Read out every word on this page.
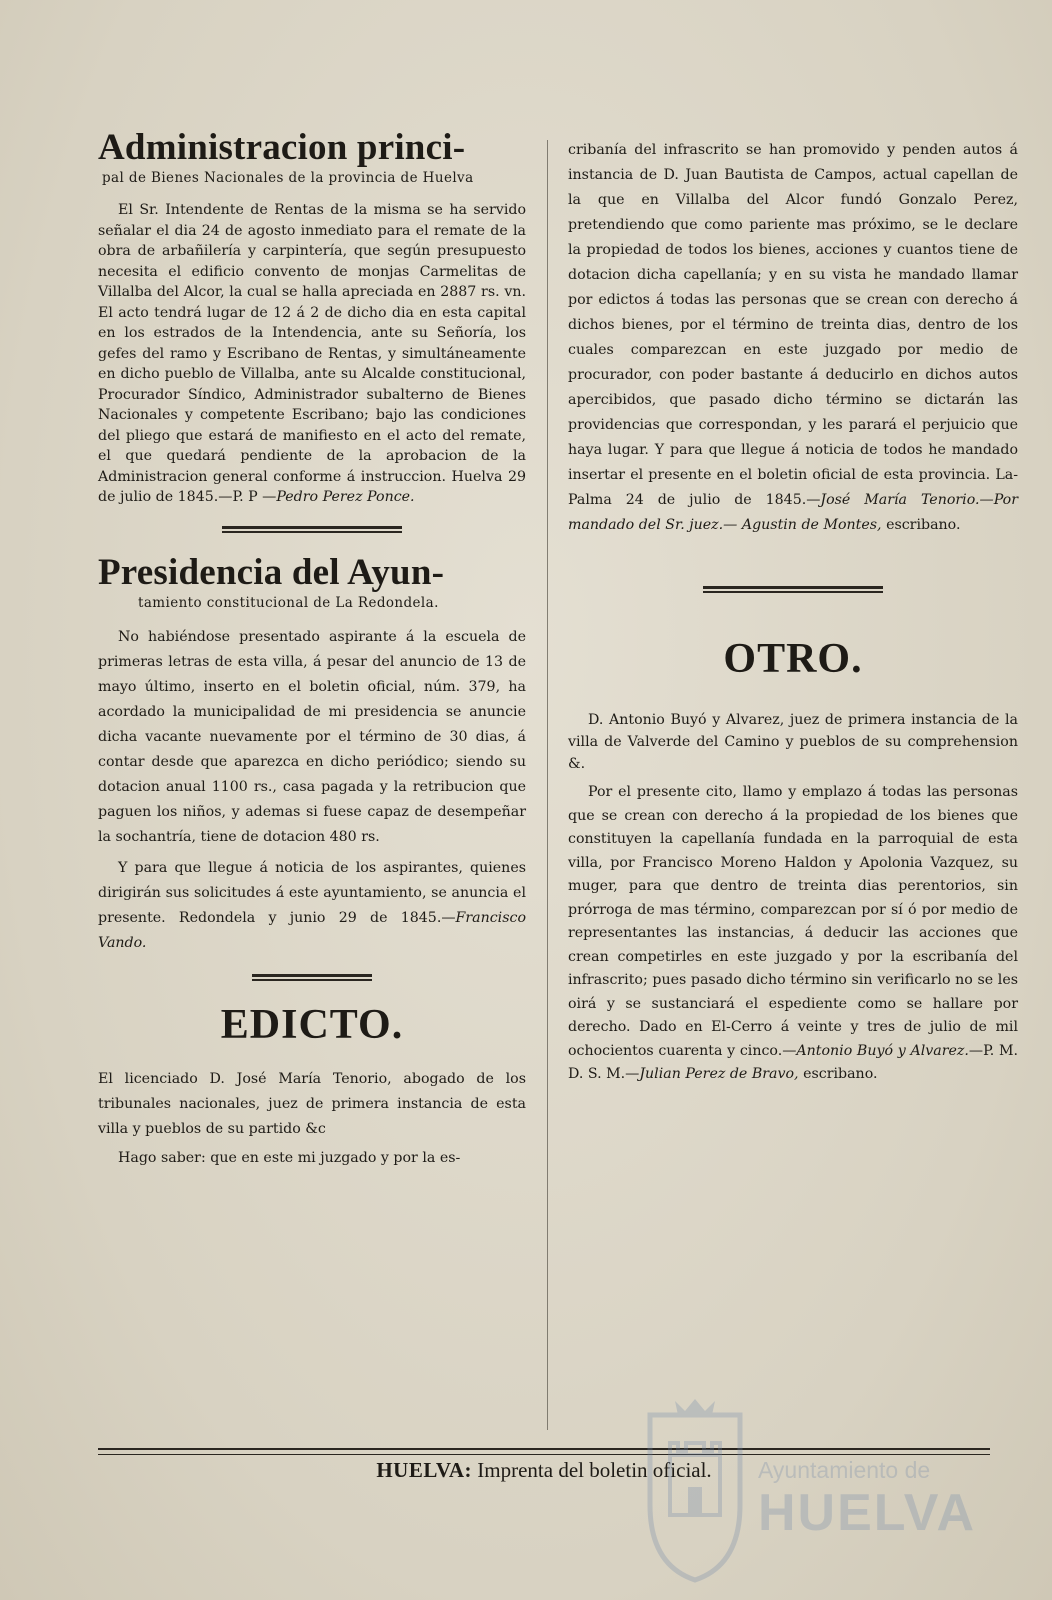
Administracion princi-
pal de Bienes Nacionales de la provincia de Huelva

El Sr. Intendente de Rentas de la misma se ha servido señalar el dia 24 de agosto inmediato para el remate de la obra de arbañilería y carpintería, que según presupuesto necesita el edificio convento de monjas Carmelitas de Villalba del Alcor, la cual se halla apreciada en 2887 rs. vn. El acto tendrá lugar de 12 á 2 de dicho dia en esta capital en los estrados de la Intendencia, ante su Señoría, los gefes del ramo y Escribano de Rentas, y simultáneamente en dicho pueblo de Villalba, ante su Alcalde constitucional, Procurador Síndico, Administrador subalterno de Bienes Nacionales y competente Escribano; bajo las condiciones del pliego que estará de manifiesto en el acto del remate, el que quedará pendiente de la aprobacion de la Administracion general conforme á instruccion. Huelva 29 de julio de 1845.—P. P —Pedro Perez Ponce.

Presidencia del Ayun-
tamiento constitucional de La Redondela.

No habiéndose presentado aspirante á la escuela de primeras letras de esta villa, á pesar del anuncio de 13 de mayo último, inserto en el boletin oficial, núm. 379, ha acordado la municipalidad de mi presidencia se anuncie dicha vacante nuevamente por el término de 30 dias, á contar desde que aparezca en dicho periódico; siendo su dotacion anual 1100 rs., casa pagada y la retribucion que paguen los niños, y ademas si fuese capaz de desempeñar la sochantría, tiene de dotacion 480 rs.

Y para que llegue á noticia de los aspirantes, quienes dirigirán sus solicitudes á este ayuntamiento, se anuncia el presente. Redondela y junio 29 de 1845.—Francisco Vando.

EDICTO.

El licenciado D. José María Tenorio, abogado de los tribunales nacionales, juez de primera instancia de esta villa y pueblos de su partido &c

Hago saber: que en este mi juzgado y por la es-

cribanía del infrascrito se han promovido y penden autos á instancia de D. Juan Bautista de Campos, actual capellan de la que en Villalba del Alcor fundó Gonzalo Perez, pretendiendo que como pariente mas próximo, se le declare la propiedad de todos los bienes, acciones y cuantos tiene de dotacion dicha capellanía; y en su vista he mandado llamar por edictos á todas las personas que se crean con derecho á dichos bienes, por el término de treinta dias, dentro de los cuales comparezcan en este juzgado por medio de procurador, con poder bastante á deducirlo en dichos autos apercibidos, que pasado dicho término se dictarán las providencias que correspondan, y les parará el perjuicio que haya lugar. Y para que llegue á noticia de todos he mandado insertar el presente en el boletin oficial de esta provincia. La-Palma 24 de julio de 1845.—José María Tenorio.—Por mandado del Sr. juez.— Agustin de Montes, escribano.

OTRO.

D. Antonio Buyó y Alvarez, juez de primera instancia de la villa de Valverde del Camino y pueblos de su comprehension &.

Por el presente cito, llamo y emplazo á todas las personas que se crean con derecho á la propiedad de los bienes que constituyen la capellanía fundada en la parroquial de esta villa, por Francisco Moreno Haldon y Apolonia Vazquez, su muger, para que dentro de treinta dias perentorios, sin prórroga de mas término, comparezcan por sí ó por medio de representantes las instancias, á deducir las acciones que crean competirles en este juzgado y por la escribanía del infrascrito; pues pasado dicho término sin verificarlo no se les oirá y se sustanciará el espediente como se hallare por derecho. Dado en El-Cerro á veinte y tres de julio de mil ochocientos cuarenta y cinco.—Antonio Buyó y Alvarez.—P. M. D. S. M.—Julian Perez de Bravo, escribano.

HUELVA: Imprenta del boletin oficial.	Ayuntamiento de
HUELVA
